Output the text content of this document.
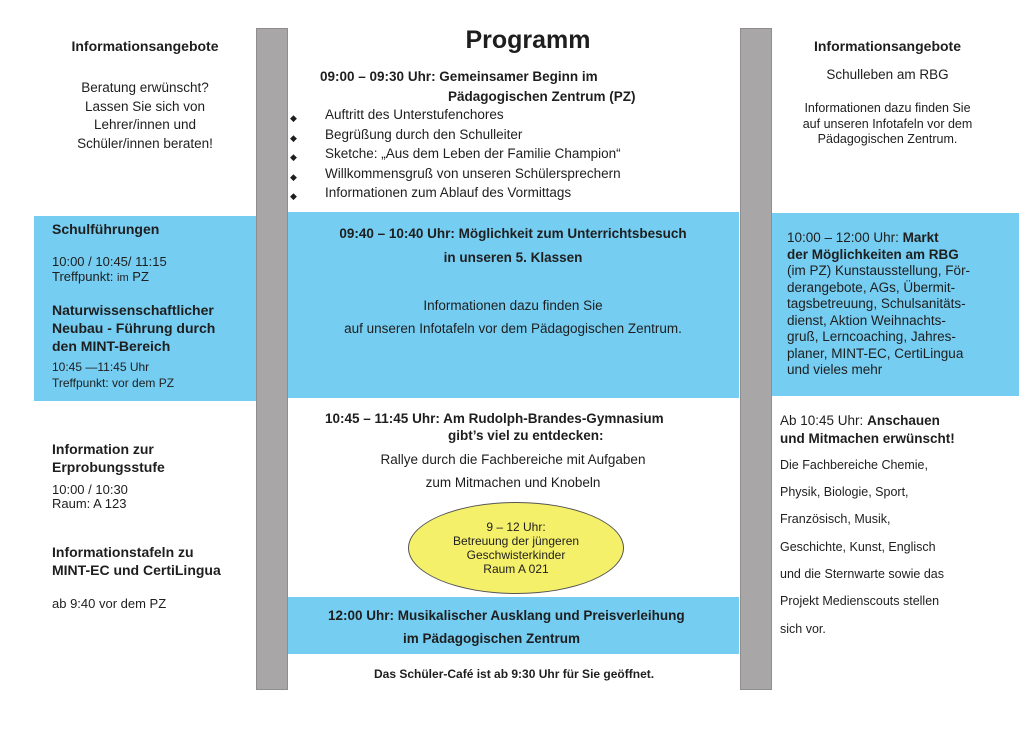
Informationsangebote
Beratung erwünscht?
Lassen Sie sich von
Lehrer/innen und
Schüler/innen beraten!
Schulführungen
10:00 / 10:45/ 11:15
Treffpunkt: im PZ
Naturwissenschaftlicher
Neubau - Führung durch
den MINT-Bereich
10:45 —11:45 Uhr
Treffpunkt: vor dem PZ
Information zur
Erprobungsstufe
10:00 / 10:30
Raum: A 123
Informationstafeln zu
MINT-EC und CertiLingua
ab 9:40 vor dem PZ
Programm
09:00 – 09:30 Uhr: Gemeinsamer Beginn im
Pädagogischen Zentrum (PZ)
◆	Auftritt des Unterstufenchores
◆	Begrüßung durch den Schulleiter
◆	Sketche: „Aus dem Leben der Familie Champion“
◆	Willkommensgruß von unseren Schülersprechern
◆	Informationen zum Ablauf des Vormittags
09:40 – 10:40 Uhr: Möglichkeit zum Unterrichtsbesuch
in unseren 5. Klassen
Informationen dazu finden Sie
auf unseren Infotafeln vor dem Pädagogischen Zentrum.
10:45 – 11:45 Uhr: Am Rudolph-Brandes-Gymnasium
gibt’s viel zu entdecken:
Rallye durch die Fachbereiche mit Aufgaben
zum Mitmachen und Knobeln
9 – 12 Uhr:
Betreuung der jüngeren
Geschwisterkinder
Raum A 021
12:00 Uhr: Musikalischer Ausklang und Preisverleihung
im Pädagogischen Zentrum
Das Schüler-Café ist ab 9:30 Uhr für Sie geöffnet.
Informationsangebote
Schulleben am RBG
Informationen dazu finden Sie
auf unseren Infotafeln vor dem
Pädagogischen Zentrum.
10:00 – 12:00 Uhr: Markt
der Möglichkeiten am RBG
(im PZ) Kunstausstellung, För-
derangebote, AGs, Übermit-
tagsbetreuung, Schulsanitäts-
dienst, Aktion Weihnachts-
gruß, Lerncoaching, Jahres-
planer, MINT-EC, CertiLingua
und vieles mehr
Ab 10:45 Uhr: Anschauen
und Mitmachen erwünscht!
Die Fachbereiche Chemie,
Physik, Biologie, Sport,
Französisch, Musik,
Geschichte, Kunst, Englisch
und die Sternwarte sowie das
Projekt Medienscouts stellen
sich vor.
